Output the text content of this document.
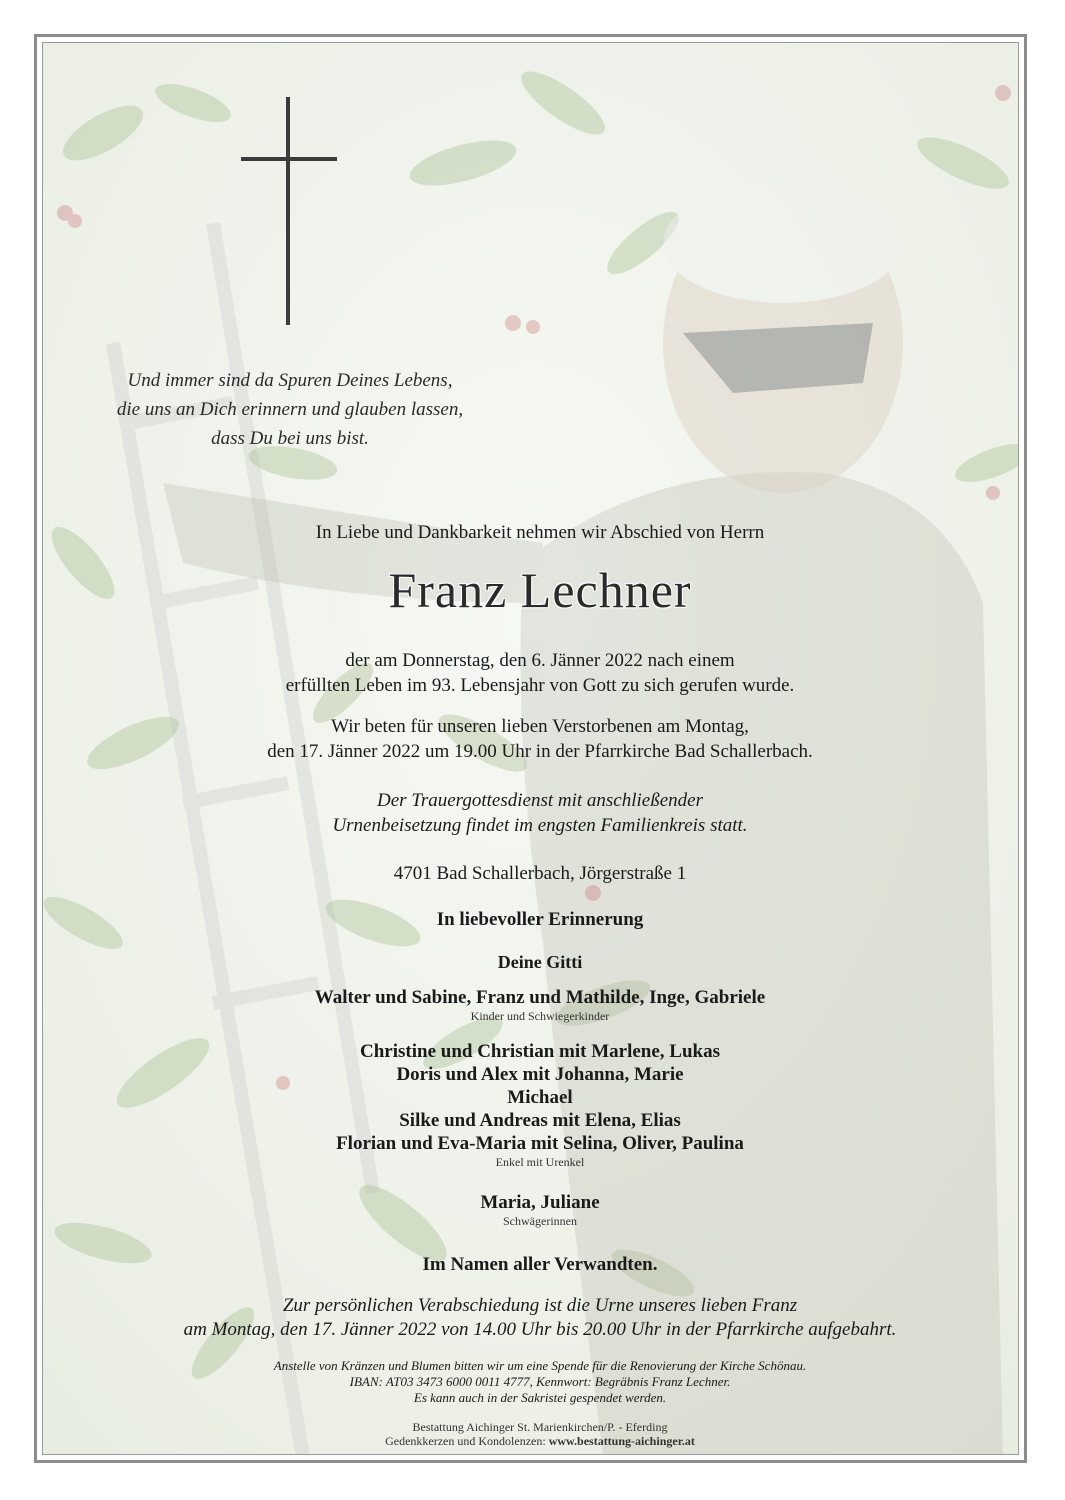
Und immer sind da Spuren Deines Lebens,
die uns an Dich erinnern und glauben lassen,
dass Du bei uns bist.
In Liebe und Dankbarkeit nehmen wir Abschied von Herrn
Franz Lechner
der am Donnerstag, den 6. Jänner 2022 nach einem
erfüllten Leben im 93. Lebensjahr von Gott zu sich gerufen wurde.
Wir beten für unseren lieben Verstorbenen am Montag,
den 17. Jänner 2022 um 19.00 Uhr in der Pfarrkirche Bad Schallerbach.
Der Trauergottesdienst mit anschließender
Urnenbeisetzung findet im engsten Familienkreis statt.
4701 Bad Schallerbach, Jörgerstraße 1
In liebevoller Erinnerung
Deine Gitti
Walter und Sabine, Franz und Mathilde, Inge, Gabriele
Kinder und Schwiegerkinder
Christine und Christian mit Marlene, Lukas
Doris und Alex mit Johanna, Marie
Michael
Silke und Andreas mit Elena, Elias
Florian und Eva-Maria mit Selina, Oliver, Paulina
Enkel mit Urenkel
Maria, Juliane
Schwägerinnen
Im Namen aller Verwandten.
Zur persönlichen Verabschiedung ist die Urne unseres lieben Franz
am Montag, den 17. Jänner 2022 von 14.00 Uhr bis 20.00 Uhr in der Pfarrkirche aufgebahrt.
Anstelle von Kränzen und Blumen bitten wir um eine Spende für die Renovierung der Kirche Schönau.
IBAN: AT03 3473 6000 0011 4777, Kennwort: Begräbnis Franz Lechner.
Es kann auch in der Sakristei gespendet werden.
Bestattung Aichinger St. Marienkirchen/P. - Eferding
Gedenkkerzen und Kondolenzen: www.bestattung-aichinger.at
